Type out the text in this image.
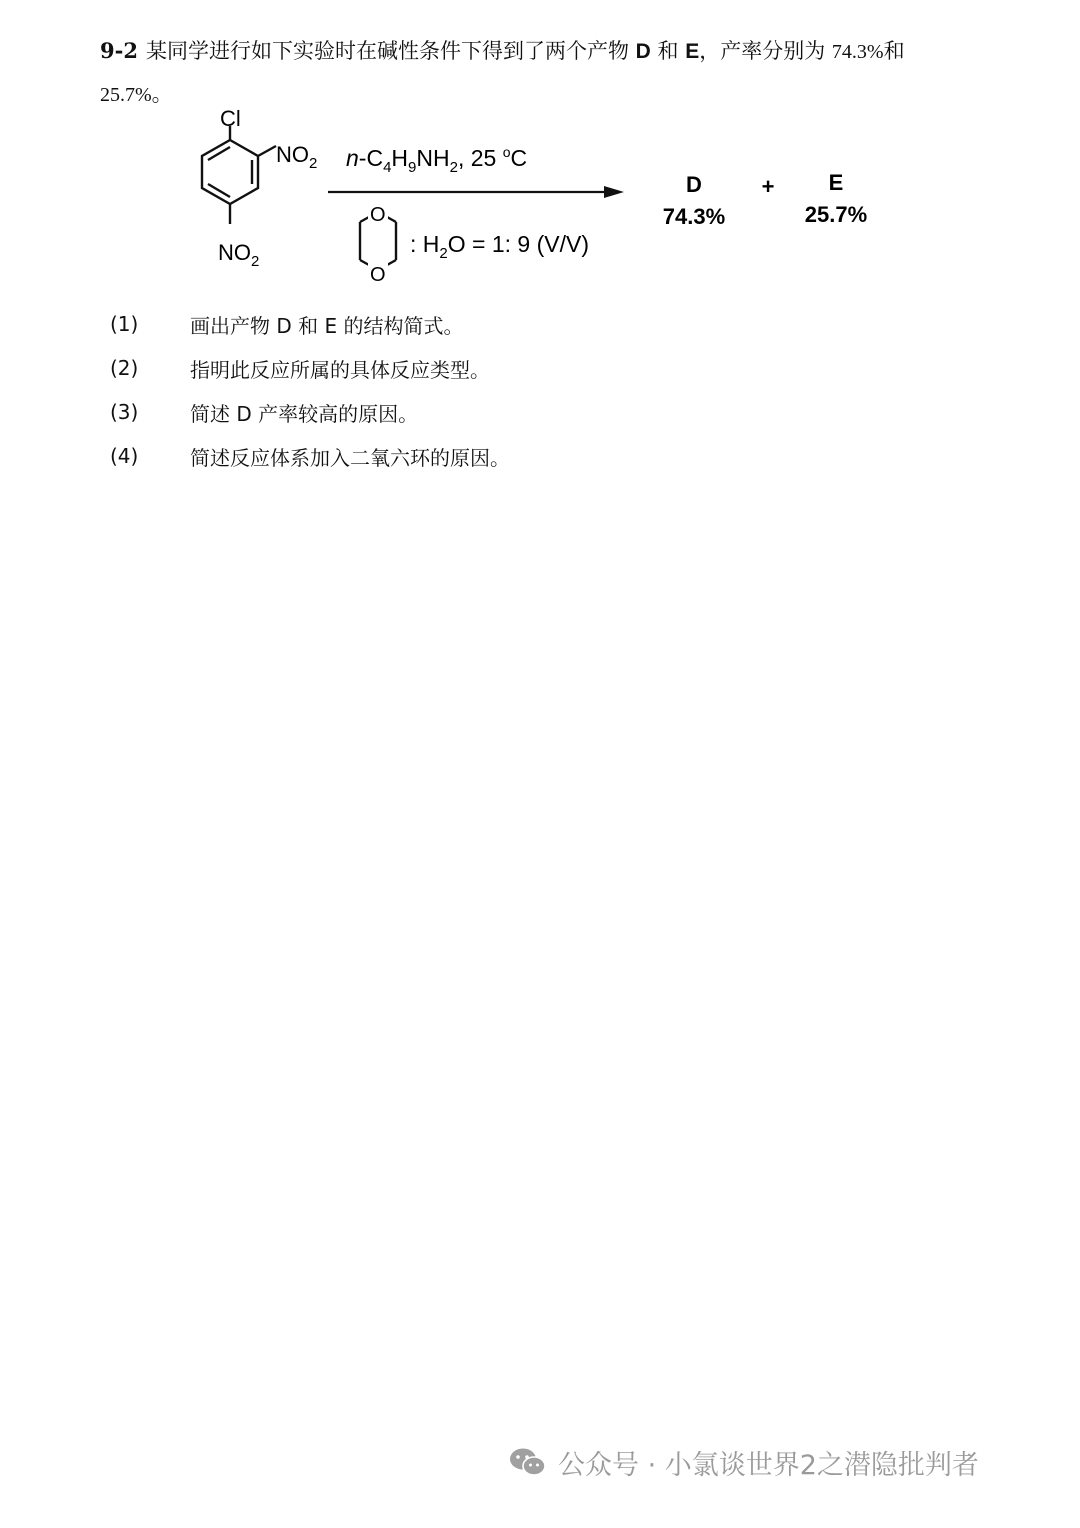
9-2 某同学进行如下实验时在碱性条件下得到了两个产物 D 和 E，产率分别为 74.3%和
25.7%。
Cl
$NO_2$
$NO_2$
$n-C_4H_9NH_2$, 25 $^o$C
O
O
: $H_2O = 1$: 9 (V/V)
D
74.3%
+ E
25.7%
(1)	画出产物 D 和 E 的结构简式。
(2)	指明此反应所属的具体反应类型。
(3)	简述 D 产率较高的原因。
(4)	简述反应体系加入二氧六环的原因。
公众号 · 小氯谈世界2之潜隐批判者
